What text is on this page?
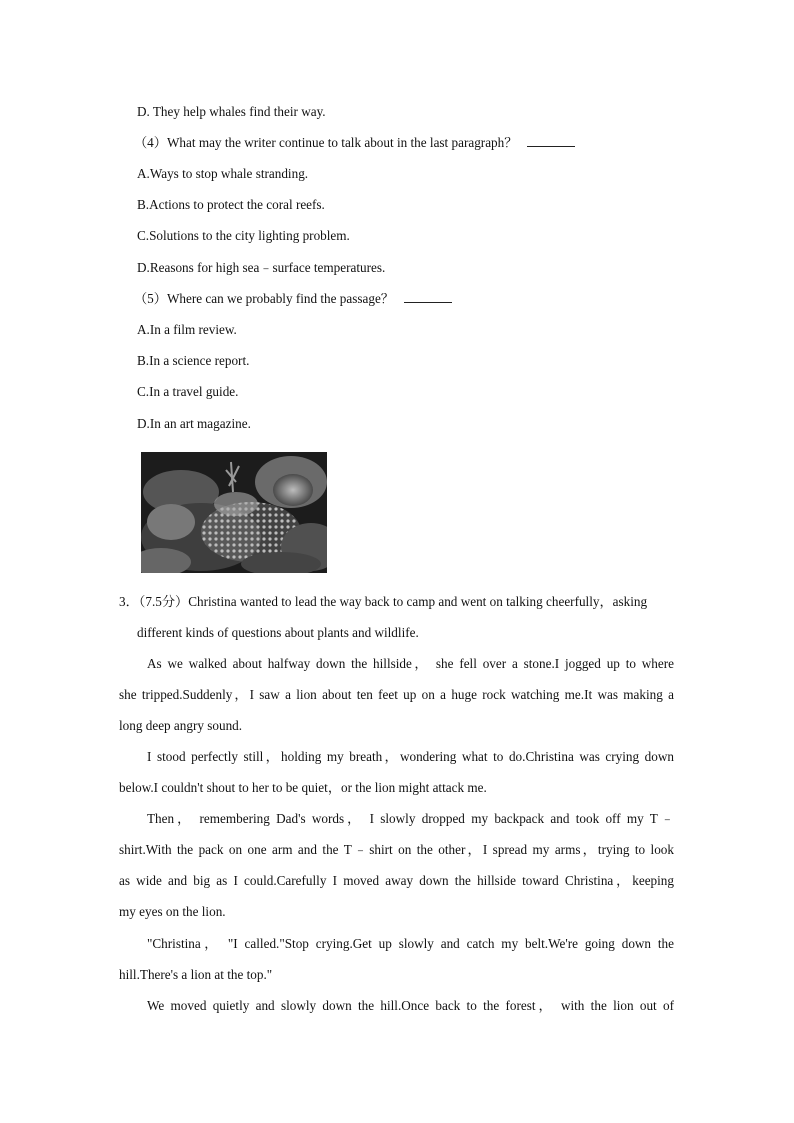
D. They help whales find their way.
（4）What may the writer continue to talk about in the last paragraph？
A.Ways to stop whale stranding.
B.Actions to protect the coral reefs.
C.Solutions to the city lighting problem.
D.Reasons for high sea﹣surface temperatures.
（5）Where can we probably find the passage？
A.In a film review.
B.In a science report.
C.In a travel guide.
D.In an art magazine.
3．（7.5分）Christina wanted to lead the way back to camp and went on talking cheerfully，asking
different kinds of questions about plants and wildlife.
As we walked about halfway down the hillside， she fell over a stone.I jogged up to where
she tripped.Suddenly，I saw a lion about ten feet up on a huge rock watching me.It was making a
long deep angry sound.
I stood perfectly still，holding my breath，wondering what to do.Christina was crying down
below.I couldn't shout to her to be quiet，or the lion might attack me.
Then， remembering Dad's words， I slowly dropped my backpack and took off my T﹣
shirt.With the pack on one arm and the T﹣shirt on the other，I spread my arms，trying to look
as wide and big as I could.Carefully I moved away down the hillside toward Christina，keeping
my eyes on the lion.
"Christina， "I called."Stop crying.Get up slowly and catch my belt.We're going down the
hill.There's a lion at the top."
We moved quietly and slowly down the hill.Once back to the forest， with the lion out of
